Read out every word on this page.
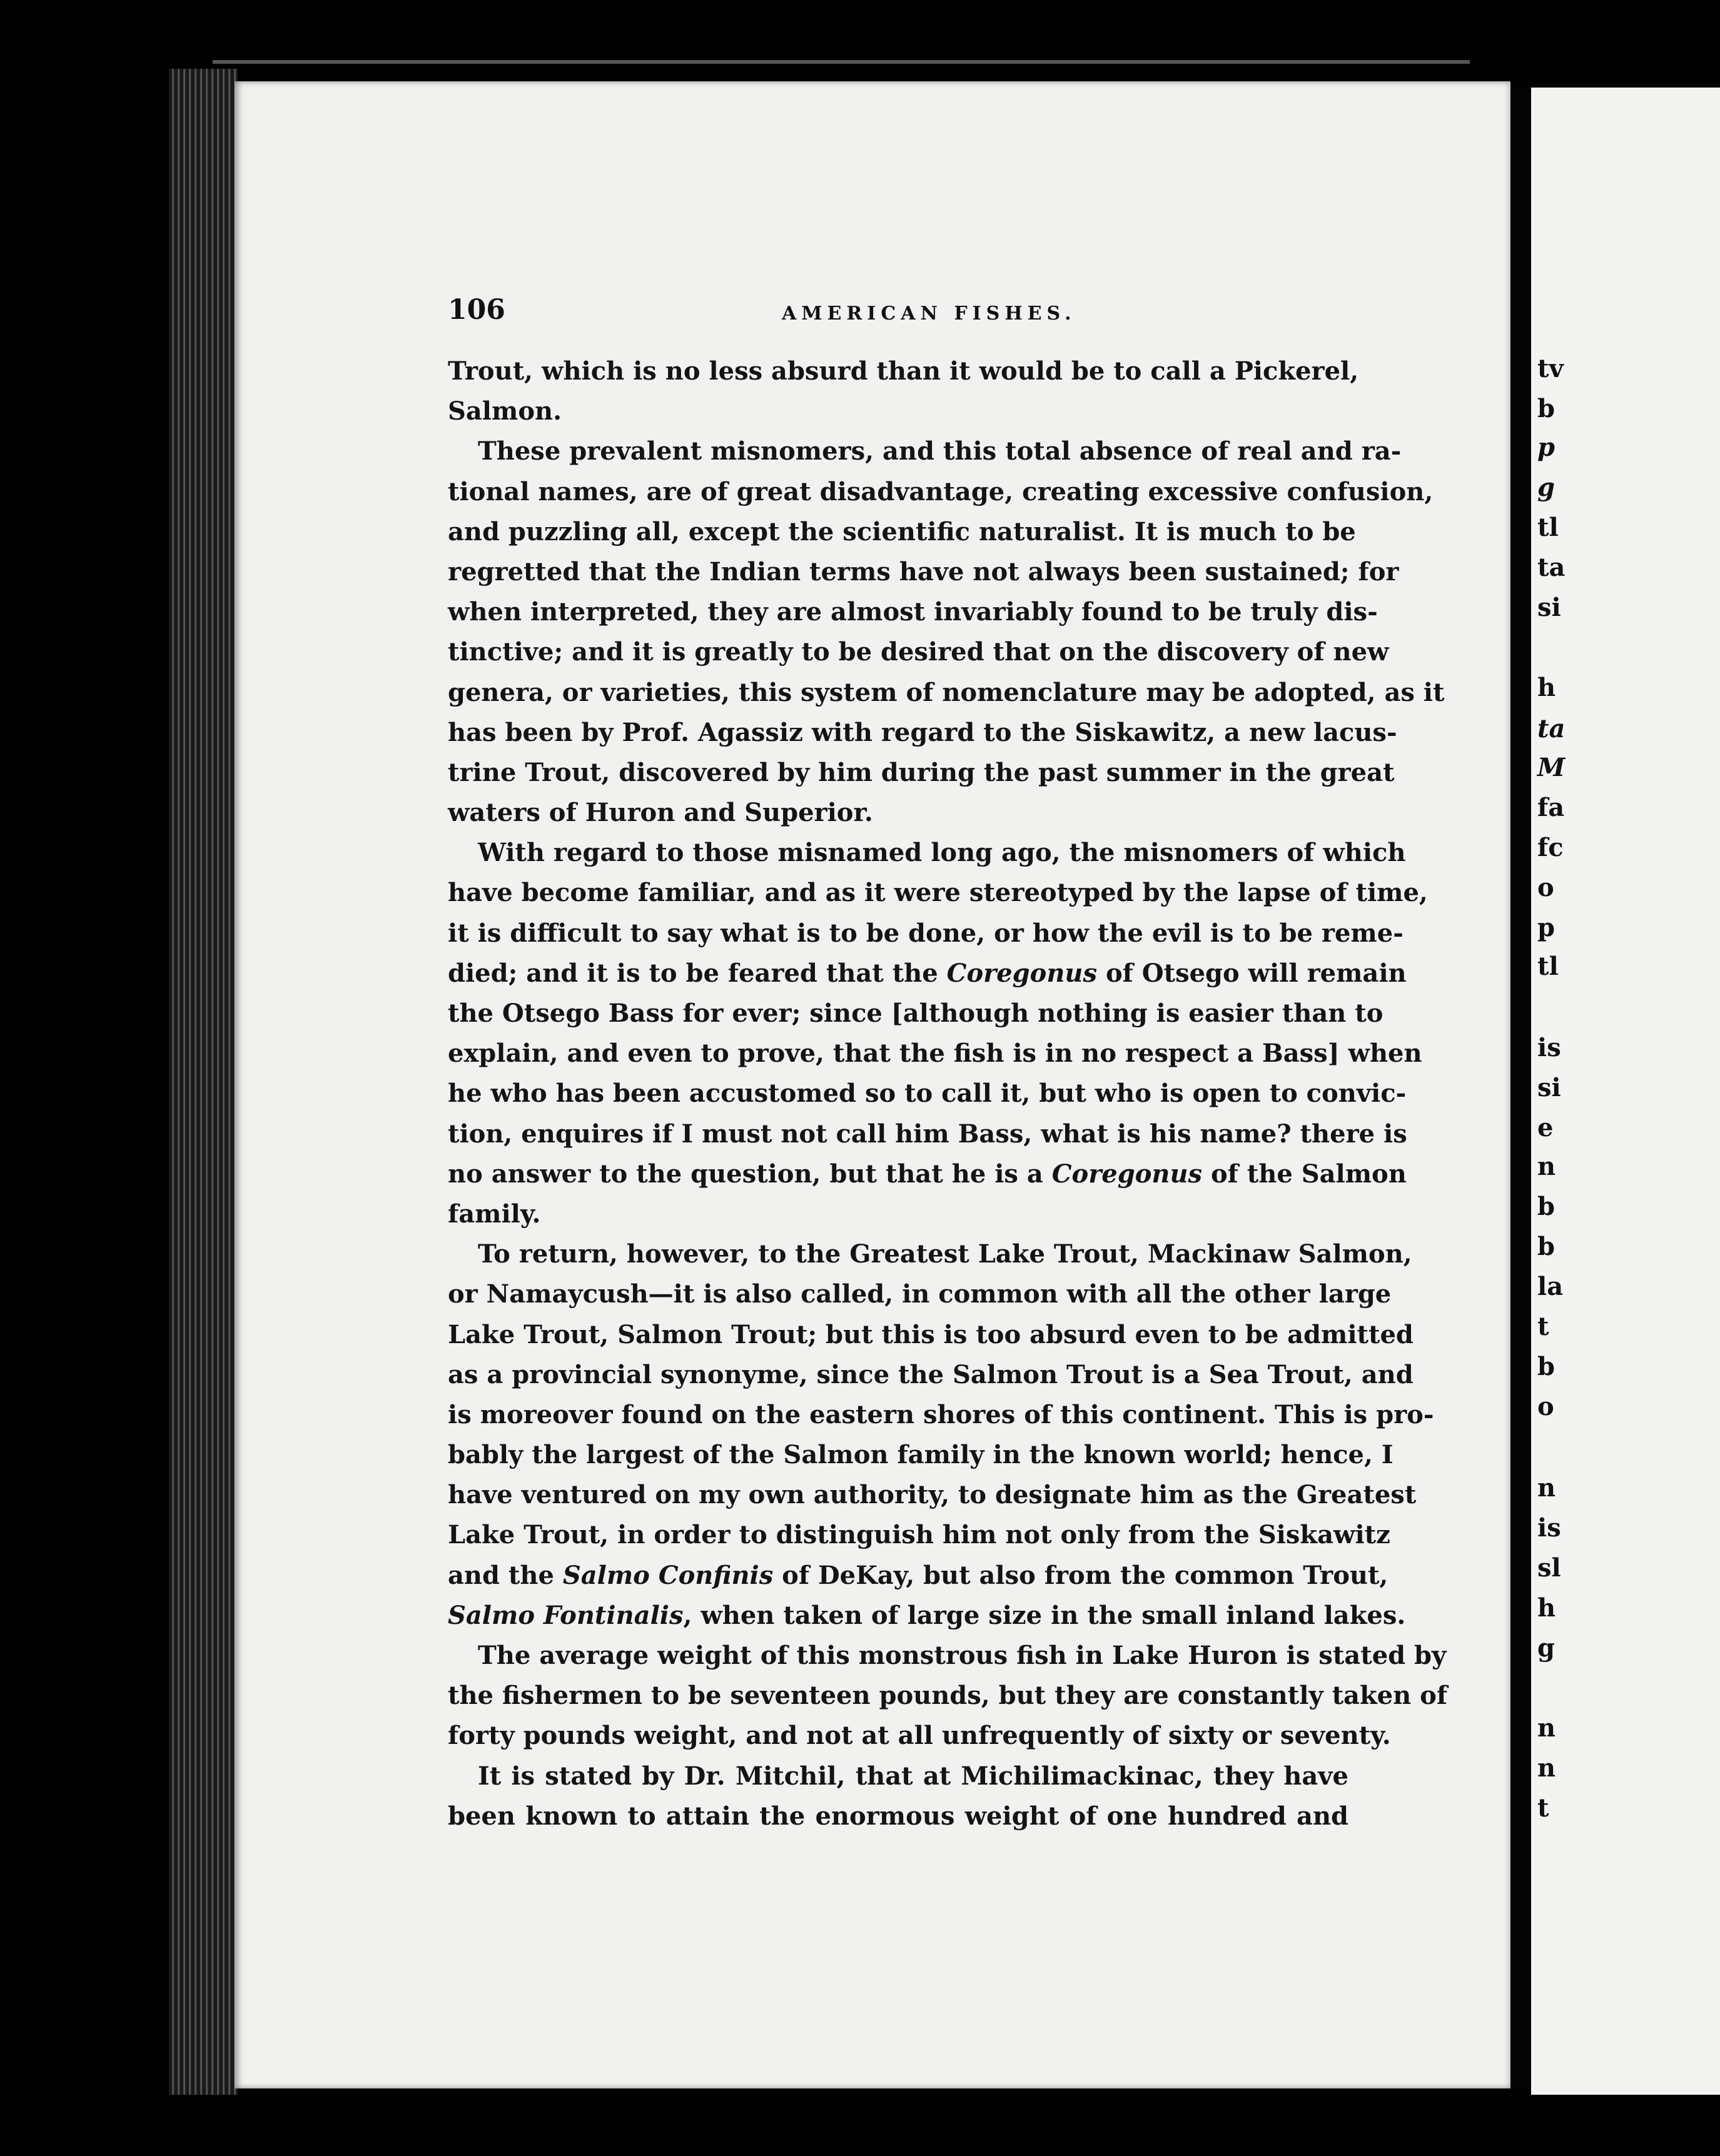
tv
b
p
g
tl
ta
si
h
ta
M
fa
fc
o
p
tl
is
si
e
n
b
b
la
t
b
o
n
is
sl
h
g
n
n
t
106	AMERICAN FISHES.
Trout, which is no less absurd than it would be to call a Pickerel,
Salmon.
These prevalent misnomers, and this total absence of real and ra-
tional names, are of great disadvantage, creating excessive confusion,
and puzzling all, except the scientific naturalist. It is much to be
regretted that the Indian terms have not always been sustained; for
when interpreted, they are almost invariably found to be truly dis-
tinctive; and it is greatly to be desired that on the discovery of new
genera, or varieties, this system of nomenclature may be adopted, as it
has been by Prof. Agassiz with regard to the Siskawitz, a new lacus-
trine Trout, discovered by him during the past summer in the great
waters of Huron and Superior.
With regard to those misnamed long ago, the misnomers of which
have become familiar, and as it were stereotyped by the lapse of time,
it is difficult to say what is to be done, or how the evil is to be reme-
died; and it is to be feared that the Coregonus of Otsego will remain
the Otsego Bass for ever; since [although nothing is easier than to
explain, and even to prove, that the fish is in no respect a Bass] when
he who has been accustomed so to call it, but who is open to convic-
tion, enquires if I must not call him Bass, what is his name? there is
no answer to the question, but that he is a Coregonus of the Salmon
family.
To return, however, to the Greatest Lake Trout, Mackinaw Salmon,
or Namaycush—it is also called, in common with all the other large
Lake Trout, Salmon Trout; but this is too absurd even to be admitted
as a provincial synonyme, since the Salmon Trout is a Sea Trout, and
is moreover found on the eastern shores of this continent. This is pro-
bably the largest of the Salmon family in the known world; hence, I
have ventured on my own authority, to designate him as the Greatest
Lake Trout, in order to distinguish him not only from the Siskawitz
and the Salmo Confinis of DeKay, but also from the common Trout,
Salmo Fontinalis, when taken of large size in the small inland lakes.
The average weight of this monstrous fish in Lake Huron is stated by
the fishermen to be seventeen pounds, but they are constantly taken of
forty pounds weight, and not at all unfrequently of sixty or seventy.
It is stated by Dr. Mitchil, that at Michilimackinac, they have
been known to attain the enormous weight of one hundred and
